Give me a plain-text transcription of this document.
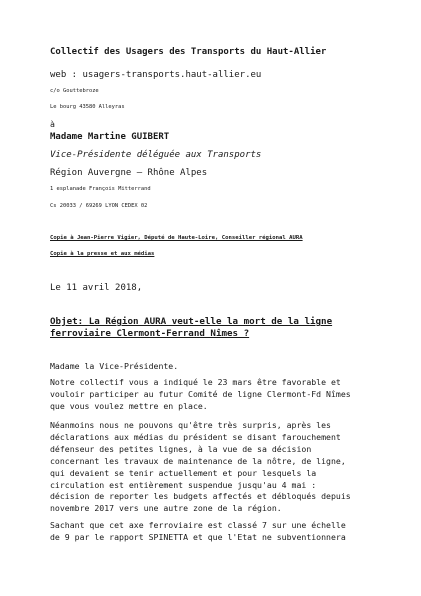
Collectif des Usagers des Transports du Haut-Allier
web : usagers-transports.haut-allier.eu
c/o Gouttebroze
Le bourg 43580 Alleyras
à
Madame Martine GUIBERT
Vice-Présidente déléguée aux Transports
Région Auvergne – Rhône Alpes
1 esplanade François Mitterrand
Cs 20033 / 69269 LYON CEDEX 02
Copie à Jean-Pierre Vigier, Député de Haute-Loire, Conseiller régional AURA
Copie à la presse et aux médias
Le 11 avril 2018,
Objet: La Région AURA veut-elle la mort de la ligne
ferroviaire Clermont-Ferrand Nîmes ?
Madame la Vice-Présidente.
Notre collectif vous a indiqué le 23 mars être favorable et
vouloir participer au futur Comité de ligne Clermont-Fd Nîmes
que vous voulez mettre en place.
Néanmoins nous ne pouvons qu'être très surpris, après les
déclarations aux médias du président se disant farouchement
défenseur des petites lignes, à la vue de sa décision
concernant les travaux de maintenance de la nôtre, de ligne,
qui devaient se tenir actuellement et pour lesquels la
circulation est entièrement suspendue jusqu'au 4 mai :
décision de reporter les budgets affectés et débloqués depuis
novembre 2017 vers une autre zone de la région.
Sachant que cet axe ferroviaire est classé 7 sur une échelle
de 9 par le rapport SPINETTA et que l'Etat ne subventionnera
